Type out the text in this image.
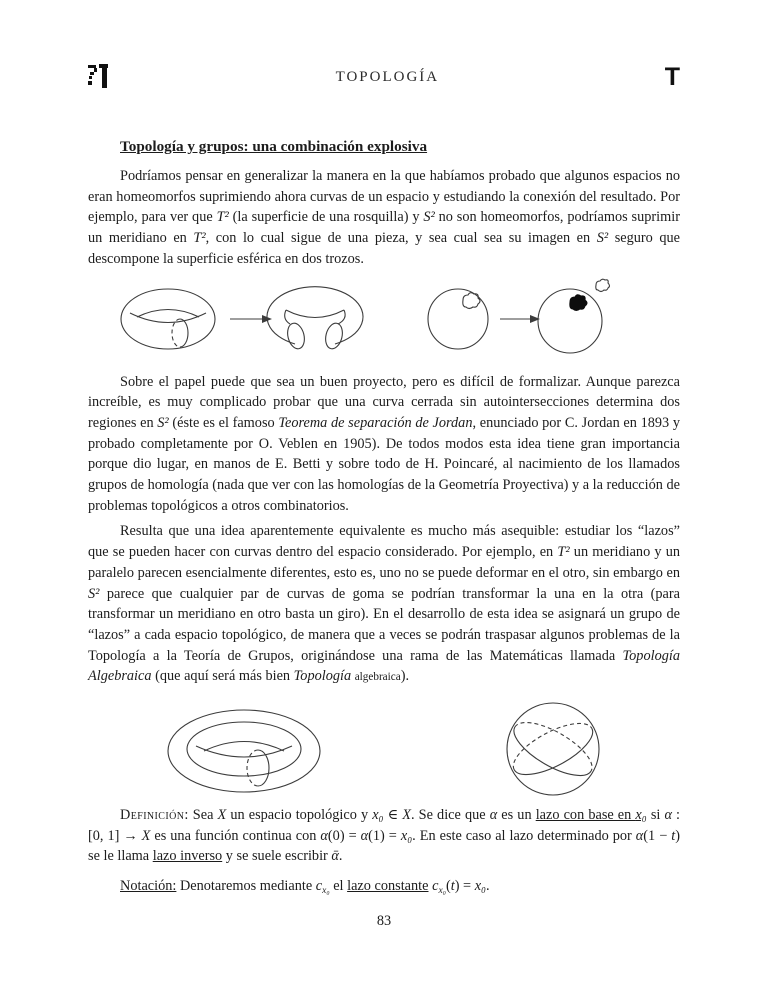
TOPOLOGÍA	T
Topología y grupos: una combinación explosiva

Podríamos pensar en generalizar la manera en la que habíamos probado que algunos espacios no eran homeomorfos suprimiendo ahora curvas de un espacio y estudiando la conexión del resultado. Por ejemplo, para ver que T² (la superficie de una rosquilla) y S² no son homeomorfos, podríamos suprimir un meridiano en T², con lo cual sigue de una pieza, y sea cual sea su imagen en S² seguro que descompone la superficie esférica en dos trozos.

Sobre el papel puede que sea un buen proyecto, pero es difícil de formalizar. Aunque parezca increíble, es muy complicado probar que una curva cerrada sin autointersecciones determina dos regiones en S² (éste es el famoso Teorema de separación de Jordan, enunciado por C. Jordan en 1893 y probado completamente por O. Veblen en 1905). De todos modos esta idea tiene gran importancia porque dio lugar, en manos de E. Betti y sobre todo de H. Poincaré, al nacimiento de los llamados grupos de homología (nada que ver con las homologías de la Geometría Proyectiva) y a la reducción de problemas topológicos a otros combinatorios.

Resulta que una idea aparentemente equivalente es mucho más asequible: estudiar los “lazos” que se pueden hacer con curvas dentro del espacio considerado. Por ejemplo, en T² un meridiano y un paralelo parecen esencialmente diferentes, esto es, uno no se puede deformar en el otro, sin embargo en S² parece que cualquier par de curvas de goma se podrían transformar la una en la otra (para transformar un meridiano en otro basta un giro). En el desarrollo de esta idea se asignará un grupo de “lazos” a cada espacio topológico, de manera que a veces se podrán traspasar algunos problemas de la Topología a la Teoría de Grupos, originándose una rama de las Matemáticas llamada Topología Algebraica (que aquí será más bien Topología algebraica).

Definición: Sea X un espacio topológico y x₀ ∈ X. Se dice que α es un lazo con base en x₀ si α : [0, 1] → X es una función continua con α(0) = α(1) = x₀. En este caso al lazo determinado por α(1 − t) se le llama lazo inverso y se suele escribir ᾱ.

Notación: Denotaremos mediante $c_{x_0}$ el lazo constante $c_{x_0}(t) = x_0$.

83
